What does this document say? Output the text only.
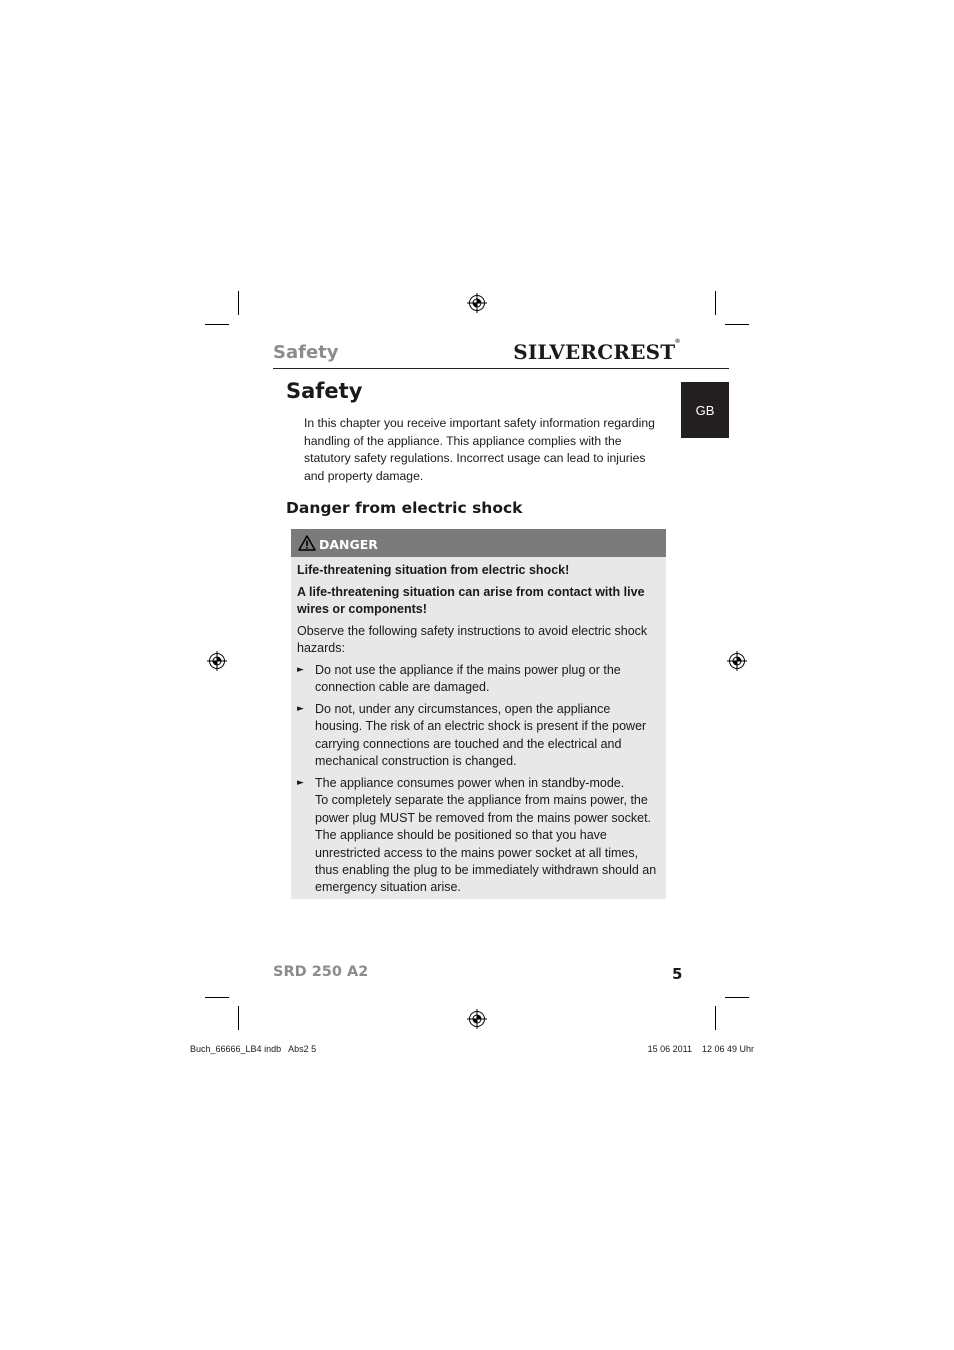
Safety	SILVERCREST®
GB
Safety
In this chapter you receive important safety information regarding handling of the appliance. This appliance complies with the statutory safety regulations. Incorrect usage can lead to injuries and property damage.
Danger from electric shock
DANGER
Life-threatening situation from electric shock!
A life-threatening situation can arise from contact with live wires or components!
Observe the following safety instructions to avoid electric shock hazards:
► Do not use the appliance if the mains power plug or the connection cable are damaged.
► Do not, under any circumstances, open the appliance housing. The risk of an electric shock is present if the power carrying connections are touched and the electrical and mechanical construction is changed.
► The appliance consumes power when in standby-mode.
To completely separate the appliance from mains power, the power plug MUST be removed from the mains power socket. The appliance should be positioned so that you have unrestricted access to the mains power socket at all times, thus enabling the plug to be immediately withdrawn should an emergency situation arise.
SRD 250 A2	5
Buch_66666_LB4 indb   Abs2 5	15 06 2011    12 06 49 Uhr
